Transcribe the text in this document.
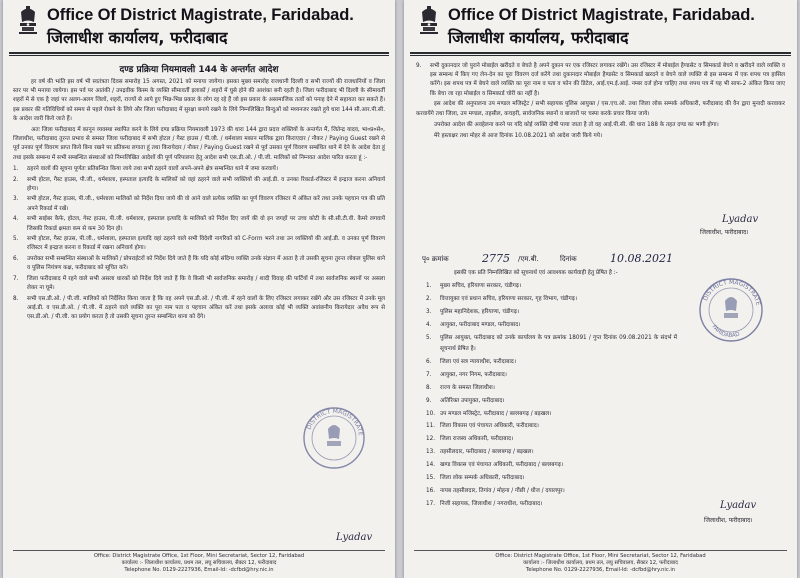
Office Of District Magistrate, Faridabad.
जिलाधीश कार्यालय, फरीदाबाद
दण्ड प्रक्रिया नियमावली 144 के अन्तर्गत आदेश

हर वर्ष की भांति इस वर्ष भी स्वतंत्रता दिवस समारोह 15 अगस्त, 2021 को मनाया जायेगा। इसका मुख्य समारोह राजधानी दिल्ली व सभी राज्यों की राजधानियों व जिला स्तर पर भी मनाया जायेगा। इस पर्व पर आतंकी / उपद्रवीक किस्म के व्यक्ति सीमावर्ती इलाकों / शहरों में घुसे होने की आशंका बनी रहती है। जिला फरीदाबाद भी दिल्ली के सीमावर्ती शहरों में से एक है जहां पर अलग-अलग जिलों, शहरों, राज्यों से आये हुए भिन्न-भिन्न प्रकार के लोग रह रहे हैं जो इस प्रकार के असामाजिक तत्वों को पनाह देने में सहायता कर सकते हैं। इस प्रकार की गतिविधियों को समय से पहले रोकने के लिये और जिला फरीदाबाद में सुरक्षा बनाये रखने के लिये निम्नलिखित बिन्दुओं को मध्यनजर रखते हुये धारा 144 सी.आर.पी.सी. के आदेश जारी किये जाते हैं।

अतः जिला फरीदाबाद में कानून व्यवस्था स्थापित करने के लिये दण्ड प्रक्रिया नियमावली 1973 की धारा 144 द्वारा प्रदत्त शक्तियों के अन्तर्गत मैं, जितेन्द्र यादव, भा०प्र०से०, जिलाधीश, फरीदाबाद तुरन्त प्रभाव से समस्त जिला फरीदाबाद में सभी होटल / गैस्ट हाउस / पी.जी. / धर्मशाला मकान मालिक द्वारा किराएदार / नौकर / Paying Guest रखने से पूर्व उनका पूर्ण विवरण प्राप्त किये बिना रखने पर प्रतिबन्ध लगाता हूं तथा किरायेदार / नौकर / Paying Guest रखने से पूर्व उसका पूर्ण विवरण सम्बंधित थाने में देने के आदेश देता हूं तथा इसके सम्बन्ध में सभी सम्बन्धित संस्थाओं को निम्नलिखित आदेशों की पूर्ण परिपालना हेतु आदेश सभी एस.डी.ओ. / पी.जी. मालिकों को निम्नवत आदेश पारित करता हूं :-

1. ठहरने वालों की सूचना पूर्णतः प्रतिबन्धित किया जाये तथा सभी ठहरने वालों अपने-अपने क्षेत्र सम्बन्धित थाने में जमा करवायें।
2. सभी होटल, गैस्ट हाउस, पी.जी., धर्मशाला, हस्पताल इत्यादि के मालिकों को वहां ठहरने वाले सभी व्यक्तियों की आई.डी. व उनका रिकार्ड-रजिस्टर में इन्द्राज करना अनिवार्य होगा।
3. सभी होटल, गैस्ट हाउस, पी.जी., धर्मशाला मालिकों को निर्देश दिया जाये की वो आने वाले प्रत्येक व्यक्ति का पूर्ण विवरण रजिस्टर में अंकित करें तथा उनके पहचान पत्र की प्रति अपने रिकार्ड में रखें।
4. सभी साईबर कैफे, होटल, गेस्ट हाउस, पी.जी. धर्मशाला, हस्पताल इत्यादि के मालिकों को निर्देश दिए जायें की वो इन जगहों पर उच्च कोटी के सी.सी.टी.वी. कैमरे लगवायें जिसकी रिकार्ड क्षमता कम से कम 30 दिन हो।
5. सभी होटल, गैस्ट हाउस, पी.जी., धर्मशाला, हस्पताल इत्यादि वहां ठहरने वाले सभी विदेशी नागरिकों को C-Form भरने तथा उन व्यक्तियों की आई.डी. व उनका पूर्ण विवरण रजिस्टर में इन्द्राज करना व रिकार्ड में रखना अनिवार्य होगा।
6. उपरोक्त सभी सम्बन्धित संस्थाओं के मालिकों / प्रोपराईटरों को निर्देश दिये जाते हैं कि यदि कोई संदिग्ध व्यक्ति उनके संज्ञान में आता है तो उसकी सूचना तुरन्त लोकल पुलिस थाने व पुलिस नियंत्रण कक्ष, फरीदाबाद को सूचित करें।
7. जिला फरीदाबाद में रहने वाले सभी असला धारकों को निर्देश दिये जाते हैं कि वे किसी भी सार्वजनिक समारोह / शादी विवाह की पार्टियों में तथा सार्वजनिक स्थानों पर असला लेकर ना घूमे।
8. सभी एस.डी.ओ. / पी.जी. मालिकों को निर्देशित किया जाता है कि वह अपने एस.डी.ओ. / पी.जी. में रहने वालों के लिए रजिस्टर लगाकर रखेंगे और उस रजिस्टर में उनके मूल आई.डी. व एस.डी.ओ. / पी.जी. में ठहरने वाले व्यक्ति का पूरा नाम पता व पहचान अंकित करें तथा इसके अलावा कोई भी व्यक्ति अवांछनीय किरायेदार अवैध रूप से एस.डी.ओ. / पी.जी. का प्रयोग करता है तो उसकी सूचना तुरन्त सम्बन्धित थाना को देंगे।
DISTRICT MAGISTRATE
Lyadav
Office: District Magistrate Office, 1st Floor, Mini Secretariat, Sector 12, Faridabad
कार्यालय :- जिलाधीश कार्यालय, प्रथम तल, लघु सचिवालय, सैक्टर 12, फरीदाबाद
Telephone No. 0129-2227936, Email-Id: -dcfbd@hry.nic.in
Office Of District Magistrate, Faridabad.
जिलाधीश कार्यालय, फरीदाबाद
9. सभी दुकानदार जो पुराने मोबाईल खरीदते व बेचते है अपने दुकान पर एक रजिस्टर लगाकर रखेंगे। उस रजिस्टर में मोबाईल हैण्डसेट व सिमकार्ड बेचने व खरीदने वाले व्यक्ति व इस सम्बन्ध में किए गए लेन-देन का पूरा विवरण दर्ज करेंगे तथा दुकानदार मोबाईल हैण्डसेट व सिमकार्ड खरदने व बेचने वाले व्यक्ति से इस सम्बन्ध में एक शपथ पत्र हासिल करेंगे। इस शपथ पत्र में बेचने वाले व्यक्ति का पूरा नाम व पता व फोन की डिटेल, आई.एम.ई.आई. नम्बर दर्ज होना चाहिए तथा शपथ पत्र में यह भी साफ-2 अंकित किया जाए कि बेचा जा रहा मोबाईल व सिमकार्ड चोरी का नहीं है।

इस आदेश की अनुपालना उप मण्डल मजिस्ट्रेट / सभी सहायक पुलिस आयुक्त / एस.एच.ओ. तथा जिला लोक सम्पर्क अधिकारी, फरीदाबाद की वैन द्वारा मुनादी करवाकर करवायेंगे तथा जिला, उप मण्डल, तहसील, कचहरी, सार्वजनिक स्थानों व बाजारों पर चस्पा करके प्रचार किया जाये।

उपरोक्त आदेश की अवहेलना करने पर यदि कोई व्यक्ति दोषी पाया जाता है तो वह आई.पी.सी. की धारा 188 के तहत दण्ड का भागी होगा।

मेरे हस्ताक्षर तथा मोहर से आज दिनांक 10.08.2021 को आदेश जारी किये गये।

Lyadav
जिलाधीश, फरीदाबाद।
पृ० क्रमांक	2775 /एम.बी.	दिनांक	10.08.2021
इसकी एक प्रति निम्नलिखित को सूचनार्थ एवं आवश्यक कार्यवाही हेतु प्रेषित है :-
1. मुख्य सचिव, हरियाणा सरकार, चंडीगढ़।
2. वित्तायुक्त एवं प्रधान सचिव, हरियाणा सरकार, गृह विभाग, चंडीगढ़।
3. पुलिस महानिदेशक, हरियाणा, चंडीगढ़।
4. आयुक्त, फरीदाबाद मण्डल, फरीदाबाद।
5. पुलिस आयुक्त, फरीदाबाद को उनके कार्यालय के पत्र क्रमांक 18091 / गुप्त दिनांक 09.08.2021 के संदर्भ में सूचनार्थ प्रेषित है।
6. जिला एवं सत्र न्यायाधीश, फरीदाबाद।
7. आयुक्त, नगर निगम, फरीदाबाद।
8. राज्य के समस्त जिलाधीश।
9. अतिरिक्त उपायुक्त, फरीदाबाद।
10. उप मण्डल मजिस्ट्रेट, फरीदाबाद / बल्लबगढ़ / बड़खल।
11. जिला विकास एवं पंचायत अधिकारी, फरीदाबाद।
12. जिला राजस्व अधिकारी, फरीदाबाद।
13. तहसीलदार, फरीदाबाद / बल्लबगढ़ / बड़खल।
14. खण्ड विकास एवं पंचायत अधिकारी, फरीदाबाद / बल्लबगढ़।
15. जिला लोक सम्पर्क अधिकारी, फरीदाबाद।
16. नायब तहसीलदार, तिगांव / मोहना / गौंछी / धौज / दयालपुर।
17. निजी सहायक, जिलाधीश / नगराधीश, फरीदाबाद।
DISTRICT MAGISTRATE
FARIDABAD
Lyadav
जिलाधीश, फरीदाबाद।
Office: District Magistrate Office, 1st Floor, Mini Secretariat, Sector 12, Faridabad
कार्यालय :- जिलाधीश कार्यालय, प्रथम तल, लघु सचिवालय, सैक्टर 12, फरीदाबाद
Telephone No. 0129-2227936, Email-Id: -dcfbd@hry.nic.in
